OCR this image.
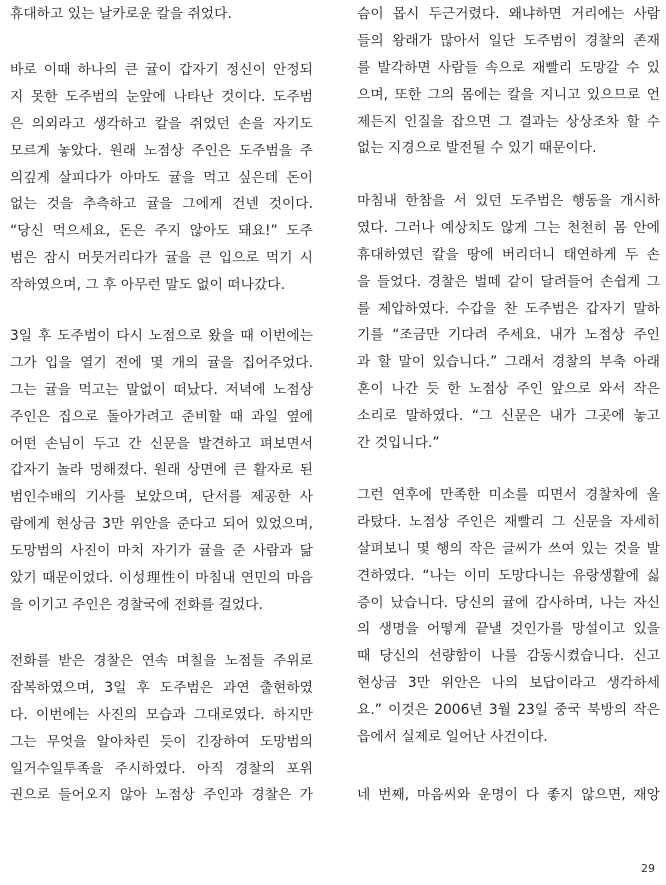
휴대하고 있는 날카로운 칼을 쥐었다.
바로 이때 하나의 큰 귤이 갑자기 정신이 안정되
지 못한 도주범의 눈앞에 나타난 것이다. 도주범
은 의외라고 생각하고 칼을 쥐었던 손을 자기도
모르게 놓았다. 원래 노점상 주인은 도주범을 주
의깊게 살피다가 아마도 귤을 먹고 싶은데 돈이
없는 것을 추측하고 귤을 그에게 건넨 것이다.
“당신 먹으세요, 돈은 주지 않아도 돼요!” 도주
범은 잠시 머뭇거리다가 귤을 큰 입으로 먹기 시
작하였으며, 그 후 아무런 말도 없이 떠나갔다.
3일 후 도주범이 다시 노점으로 왔을 때 이번에는
그가 입을 열기 전에 몇 개의 귤을 집어주었다.
그는 귤을 먹고는 말없이 떠났다. 저녁에 노점상
주인은 집으로 돌아가려고 준비할 때 과일 옆에
어떤 손님이 두고 간 신문을 발견하고 펴보면서
갑자기 놀라 멍해졌다. 원래 상면에 큰 활자로 된
범인수배의 기사를 보았으며, 단서를 제공한 사
람에게 현상금 3만 위안을 준다고 되어 있었으며,
도망범의 사진이 마치 자기가 귤을 준 사람과 닮
았기 때문이었다. 이성理性이 마침내 연민의 마음
을 이기고 주인은 경찰국에 전화를 걸었다.
전화를 받은 경찰은 연속 며칠을 노점들 주위로
잠복하였으며, 3일 후 도주범은 과연 출현하였
다. 이번에는 사진의 모습과 그대로였다. 하지만
그는 무엇을 알아차린 듯이 긴장하여 도망범의
일거수일투족을 주시하였다. 아직 경찰의 포위
권으로 들어오지 않아 노점상 주인과 경찰은 가
슴이 몹시 두근거렸다. 왜냐하면 거리에는 사람
들의 왕래가 많아서 일단 도주범이 경찰의 존재
를 발각하면 사람들 속으로 재빨리 도망갈 수 있
으며, 또한 그의 몸에는 칼을 지니고 있으므로 언
제든지 인질을 잡으면 그 결과는 상상조차 할 수
없는 지경으로 발전될 수 있기 때문이다.
마침내 한참을 서 있던 도주범은 행동을 개시하
였다. 그러나 예상치도 않게 그는 천천히 몸 안에
휴대하였던 칼을 땅에 버리더니 태연하게 두 손
을 들었다. 경찰은 벌떼 같이 달려들어 손쉽게 그
를 제압하였다. 수갑을 찬 도주범은 갑자기 말하
기를 “조금만 기다려 주세요. 내가 노점상 주인
과 할 말이 있습니다.” 그래서 경찰의 부축 아래
혼이 나간 듯 한 노점상 주인 앞으로 와서 작은
소리로 말하였다. “그 신문은 내가 그곳에 놓고
간 것입니다.”
그런 연후에 만족한 미소를 띠면서 경찰차에 올
라탔다. 노점상 주인은 재빨리 그 신문을 자세히
살펴보니 몇 행의 작은 글씨가 쓰여 있는 것을 발
견하였다. “나는 이미 도망다니는 유랑생활에 싫
증이 났습니다. 당신의 귤에 감사하며, 나는 자신
의 생명을 어떻게 끝낼 것인가를 망설이고 있을
때 당신의 선량함이 나를 감동시켰습니다. 신고
현상금 3만 위안은 나의 보답이라고 생각하세
요.” 이것은 2006년 3월 23일 중국 북방의 작은
읍에서 실제로 일어난 사건이다.
네 번째, 마음씨와 운명이 다 좋지 않으면, 재앙
29
